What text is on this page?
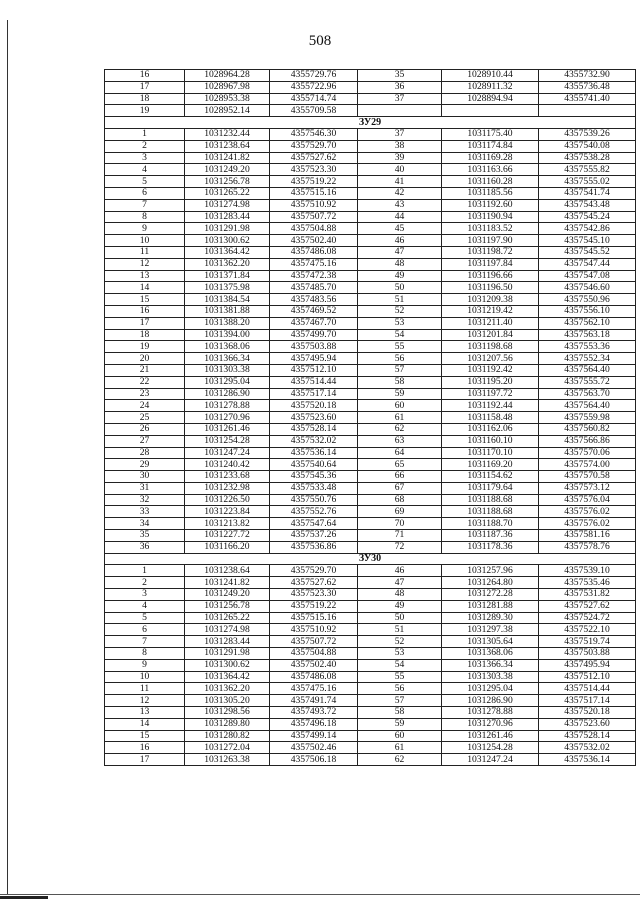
508
16	1028964.28	4355729.76	35	1028910.44	4355732.90
17	1028967.98	4355722.96	36	1028911.32	4355736.48
18	1028953.38	4355714.74	37	1028894.94	4355741.40
19	1028952.14	4355709.58			
ЗУ29					
1	1031232.44	4357546.30	37	1031175.40	4357539.26
2	1031238.64	4357529.70	38	1031174.84	4357540.08
3	1031241.82	4357527.62	39	1031169.28	4357538.28
4	1031249.20	4357523.30	40	1031163.66	4357555.82
5	1031256.78	4357519.22	41	1031160.28	4357555.02
6	1031265.22	4357515.16	42	1031185.56	4357541.74
7	1031274.98	4357510.92	43	1031192.60	4357543.48
8	1031283.44	4357507.72	44	1031190.94	4357545.24
9	1031291.98	4357504.88	45	1031183.52	4357542.86
10	1031300.62	4357502.40	46	1031197.90	4357545.10
11	1031364.42	4357486.08	47	1031198.72	4357545.52
12	1031362.20	4357475.16	48	1031197.84	4357547.44
13	1031371.84	4357472.38	49	1031196.66	4357547.08
14	1031375.98	4357485.70	50	1031196.50	4357546.60
15	1031384.54	4357483.56	51	1031209.38	4357550.96
16	1031381.88	4357469.52	52	1031219.42	4357556.10
17	1031388.20	4357467.70	53	1031211.40	4357562.10
18	1031394.00	4357499.70	54	1031201.84	4357563.18
19	1031368.06	4357503.88	55	1031198.68	4357553.36
20	1031366.34	4357495.94	56	1031207.56	4357552.34
21	1031303.38	4357512.10	57	1031192.42	4357564.40
22	1031295.04	4357514.44	58	1031195.20	4357555.72
23	1031286.90	4357517.14	59	1031197.72	4357563.70
24	1031278.88	4357520.18	60	1031192.44	4357564.40
25	1031270.96	4357523.60	61	1031158.48	4357559.98
26	1031261.46	4357528.14	62	1031162.06	4357560.82
27	1031254.28	4357532.02	63	1031160.10	4357566.86
28	1031247.24	4357536.14	64	1031170.10	4357570.06
29	1031240.42	4357540.64	65	1031169.20	4357574.00
30	1031233.68	4357545.36	66	1031154.62	4357570.58
31	1031232.98	4357533.48	67	1031179.64	4357573.12
32	1031226.50	4357550.76	68	1031188.68	4357576.04
33	1031223.84	4357552.76	69	1031188.68	4357576.02
34	1031213.82	4357547.64	70	1031188.70	4357576.02
35	1031227.72	4357537.26	71	1031187.36	4357581.16
36	1031166.20	4357536.86	72	1031178.36	4357578.76
ЗУ30					
1	1031238.64	4357529.70	46	1031257.96	4357539.10
2	1031241.82	4357527.62	47	1031264.80	4357535.46
3	1031249.20	4357523.30	48	1031272.28	4357531.82
4	1031256.78	4357519.22	49	1031281.88	4357527.62
5	1031265.22	4357515.16	50	1031289.30	4357524.72
6	1031274.98	4357510.92	51	1031297.38	4357522.10
7	1031283.44	4357507.72	52	1031305.64	4357519.74
8	1031291.98	4357504.88	53	1031368.06	4357503.88
9	1031300.62	4357502.40	54	1031366.34	4357495.94
10	1031364.42	4357486.08	55	1031303.38	4357512.10
11	1031362.20	4357475.16	56	1031295.04	4357514.44
12	1031305.20	4357491.74	57	1031286.90	4357517.14
13	1031298.56	4357493.72	58	1031278.88	4357520.18
14	1031289.80	4357496.18	59	1031270.96	4357523.60
15	1031280.82	4357499.14	60	1031261.46	4357528.14
16	1031272.04	4357502.46	61	1031254.28	4357532.02
17	1031263.38	4357506.18	62	1031247.24	4357536.14
